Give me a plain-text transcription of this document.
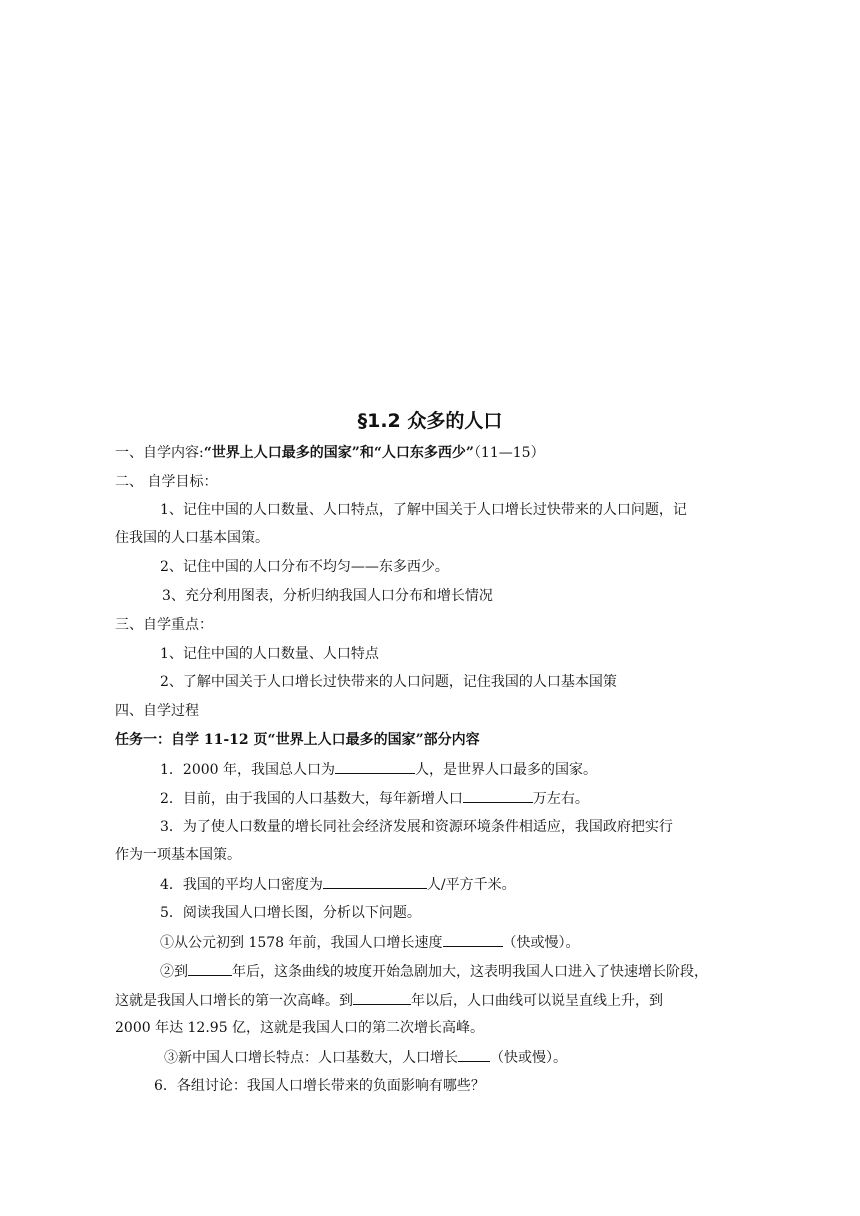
§1.2 众多的人口
一、自学内容:“世界上人口最多的国家”和“人口东多西少”（11—15）
二、 自学目标：
1、记住中国的人口数量、人口特点，了解中国关于人口增长过快带来的人口问题，记
住我国的人口基本国策。
2、记住中国的人口分布不均匀——东多西少。
3、充分利用图表，分析归纳我国人口分布和增长情况
三、自学重点：
1、记住中国的人口数量、人口特点
2、了解中国关于人口增长过快带来的人口问题，记住我国的人口基本国策
四、自学过程
任务一：自学 11-12 页“世界上人口最多的国家”部分内容
1．2000 年，我国总人口为	人，是世界人口最多的国家。
2．目前，由于我国的人口基数大，每年新增人口	万左右。
3．为了使人口数量的增长同社会经济发展和资源环境条件相适应，我国政府把实行
作为一项基本国策。
4．我国的平均人口密度为	人/平方千米。
5．阅读我国人口增长图，分析以下问题。
①从公元初到 1578 年前，我国人口增长速度	（快或慢）。
②到	年后，这条曲线的坡度开始急剧加大，这表明我国人口进入了快速增长阶段，
这就是我国人口增长的第一次高峰。到	年以后，人口曲线可以说呈直线上升，到
2000 年达 12.95 亿，这就是我国人口的第二次增长高峰。
③新中国人口增长特点：人口基数大，人口增长 （快或慢）。
6．各组讨论：我国人口增长带来的负面影响有哪些？
